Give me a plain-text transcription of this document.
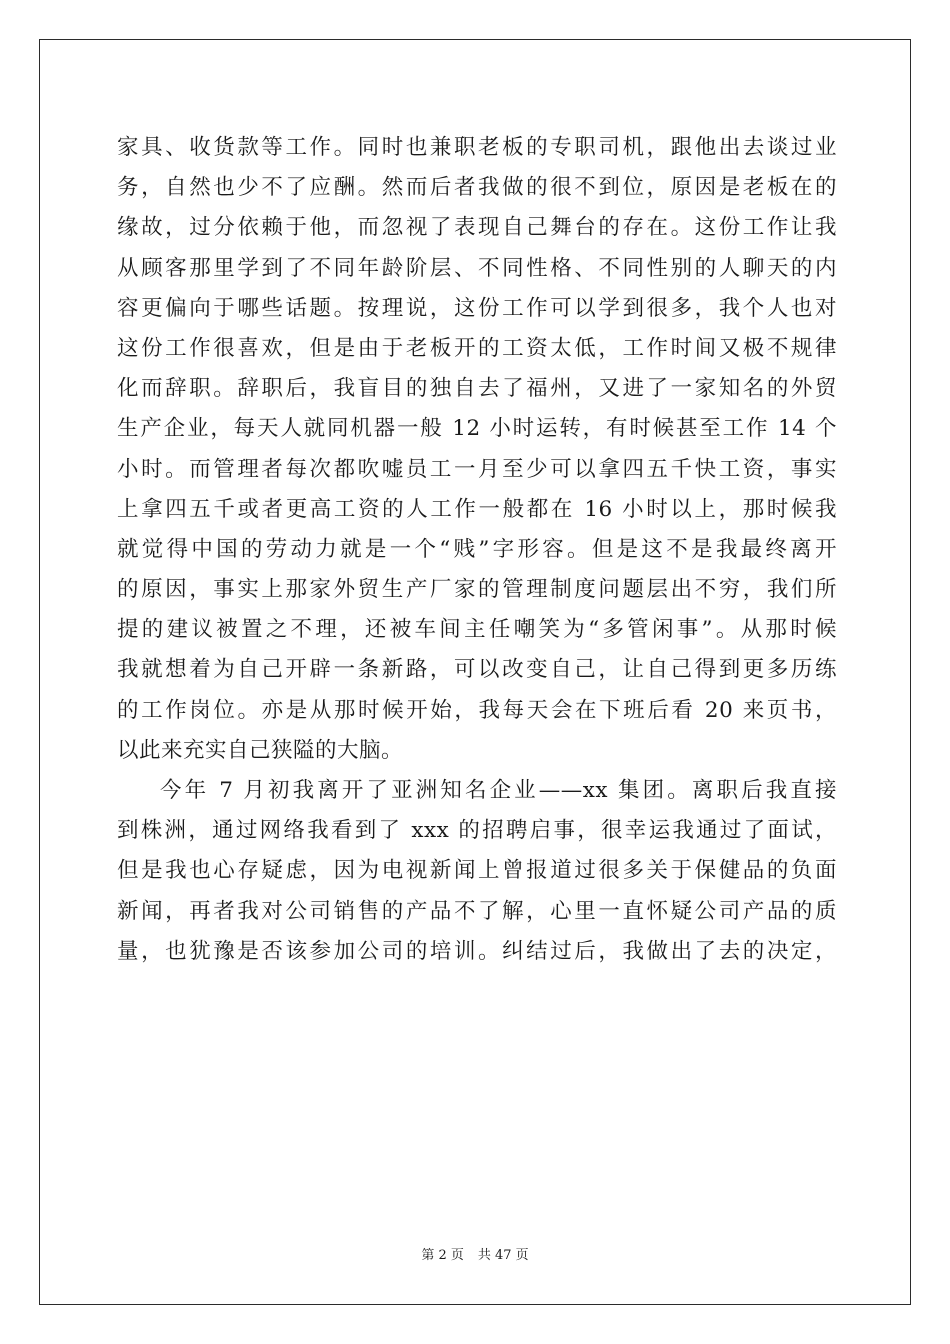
家具、收货款等工作。同时也兼职老板的专职司机，跟他出去谈过业
务，自然也少不了应酬。然而后者我做的很不到位，原因是老板在的
缘故，过分依赖于他，而忽视了表现自己舞台的存在。这份工作让我
从顾客那里学到了不同年龄阶层、不同性格、不同性别的人聊天的内
容更偏向于哪些话题。按理说，这份工作可以学到很多，我个人也对
这份工作很喜欢，但是由于老板开的工资太低，工作时间又极不规律
化而辞职。辞职后，我盲目的独自去了福州，又进了一家知名的外贸
生产企业，每天人就同机器一般 12 小时运转，有时候甚至工作 14 个
小时。而管理者每次都吹嘘员工一月至少可以拿四五千快工资，事实
上拿四五千或者更高工资的人工作一般都在 16 小时以上，那时候我
就觉得中国的劳动力就是一个“贱”字形容。但是这不是我最终离开
的原因，事实上那家外贸生产厂家的管理制度问题层出不穷，我们所
提的建议被置之不理，还被车间主任嘲笑为“多管闲事”。从那时候
我就想着为自己开辟一条新路，可以改变自己，让自己得到更多历练
的工作岗位。亦是从那时候开始，我每天会在下班后看 20 来页书，
以此来充实自己狭隘的大脑。
今年 7 月初我离开了亚洲知名企业——xx 集团。离职后我直接
到株洲，通过网络我看到了 xxx 的招聘启事，很幸运我通过了面试，
但是我也心存疑虑，因为电视新闻上曾报道过很多关于保健品的负面
新闻，再者我对公司销售的产品不了解，心里一直怀疑公司产品的质
量，也犹豫是否该参加公司的培训。纠结过后，我做出了去的决定，
第 2 页 共 47 页
